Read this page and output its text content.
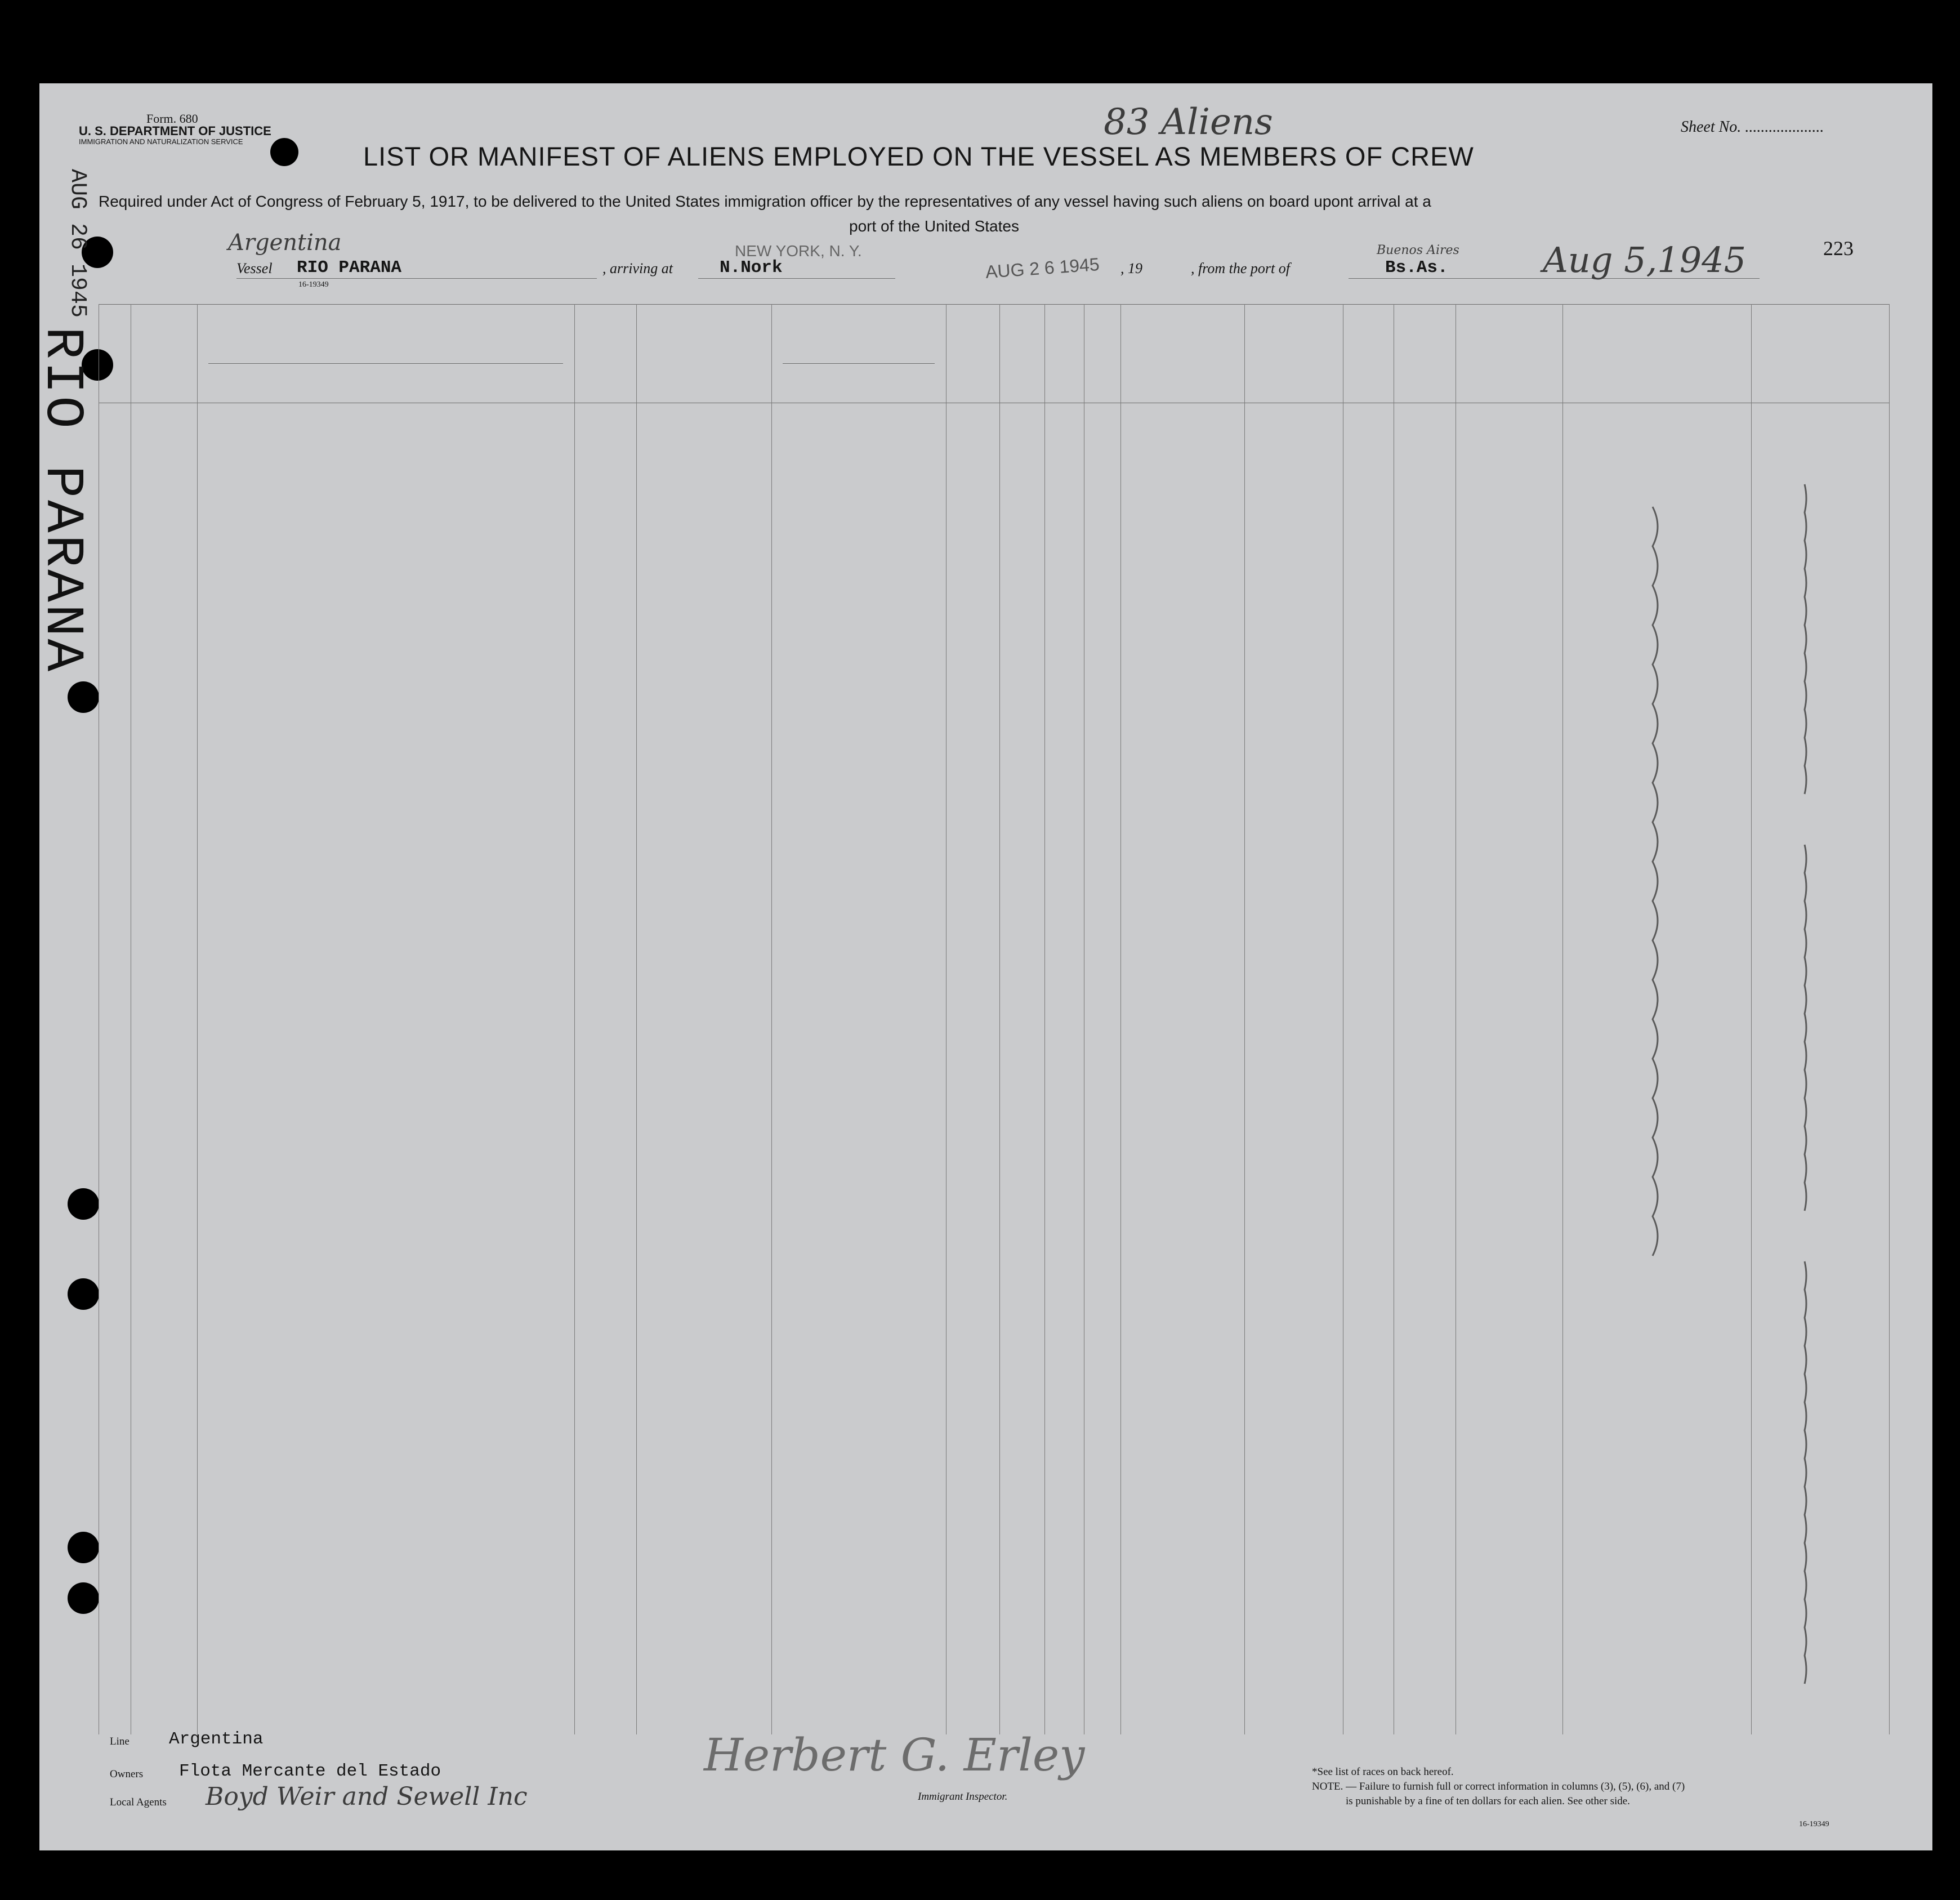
Form. 680
U. S. DEPARTMENT OF JUSTICE
IMMIGRATION AND NATURALIZATION SERVICE	83 Aliens	Sheet No. ....................
LIST OR MANIFEST OF ALIENS EMPLOYED ON THE VESSEL AS MEMBERS OF CREW
Required under Act of Congress of February 5, 1917, to be delivered to the United States immigration officer by the representatives of any vessel having such aliens on board upont arrival at a
port of the United States
223
AUG 26 1945
RIO PARANA
Argentina
Vessel RIO PARANA
16-19349
, arriving at
NEW YORK, N. Y.
N.Nork	AUG 2 6 1945 , 19	, from the port of	Bs.As.
Buenos Aires Aug 5,1945
Line Argentina
Owners Flota Mercante del Estado
Local Agents Boyd Weir and Sewell Inc
Herbert G. Erley
Immigrant Inspector.
*See list of races on back hereof.
NOTE. — Failure to furnish full or correct information in columns (3), (5), (6), and (7)
is punishable by a fine of ten dollars for each alien. See other side.
16-19349
